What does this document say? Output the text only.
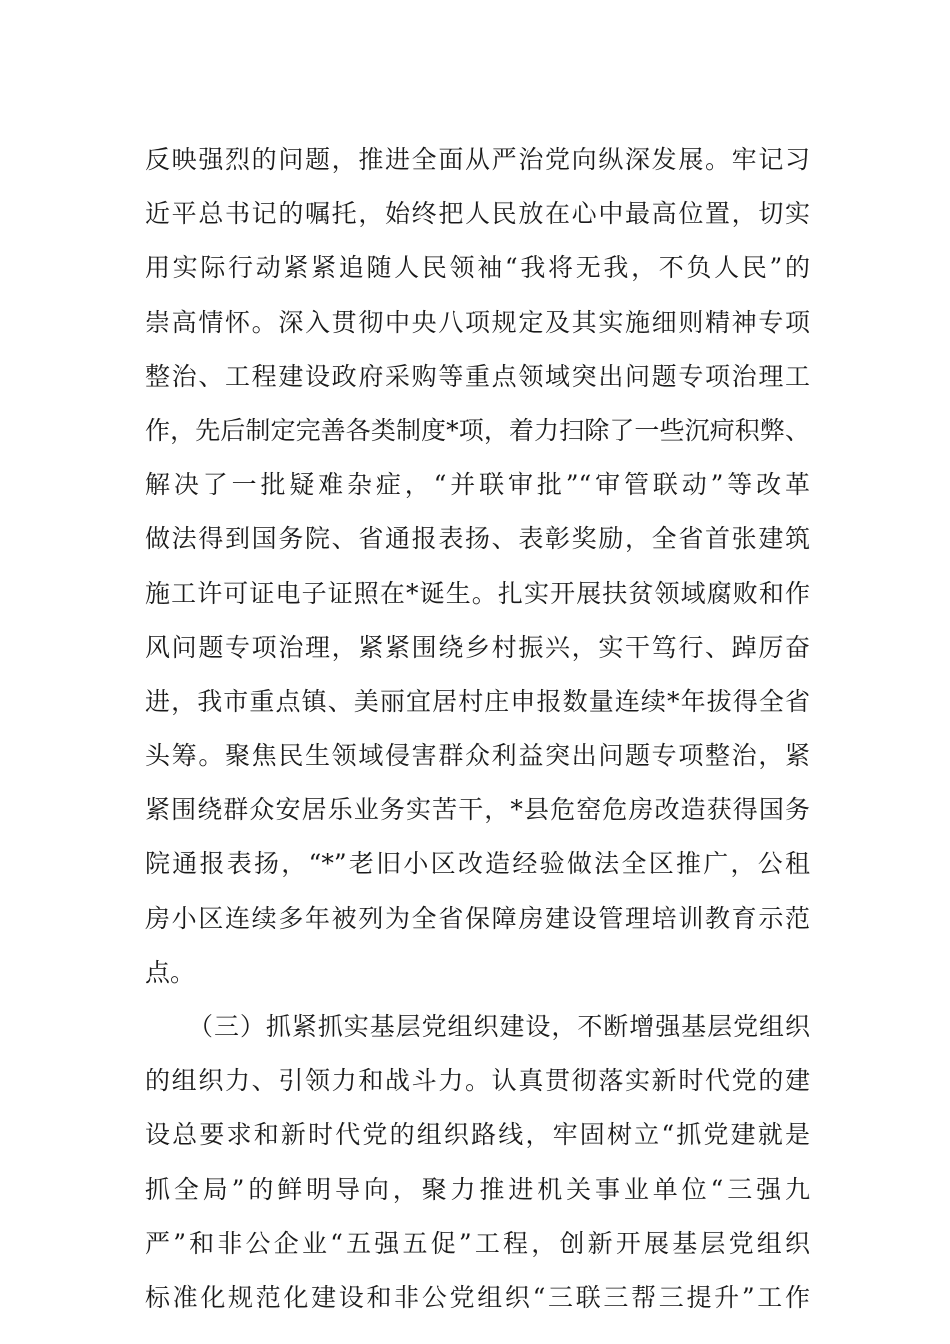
反映强烈的问题，推进全面从严治党向纵深发展。牢记习
近平总书记的嘱托，始终把人民放在心中最高位置，切实
用实际行动紧紧追随人民领袖“我将无我，不负人民”的
崇高情怀。深入贯彻中央八项规定及其实施细则精神专项
整治、工程建设政府采购等重点领域突出问题专项治理工
作，先后制定完善各类制度*项，着力扫除了一些沉疴积弊、
解决了一批疑难杂症，“并联审批”“审管联动”等改革
做法得到国务院、省通报表扬、表彰奖励，全省首张建筑
施工许可证电子证照在*诞生。扎实开展扶贫领域腐败和作
风问题专项治理，紧紧围绕乡村振兴，实干笃行、踔厉奋
进，我市重点镇、美丽宜居村庄申报数量连续*年拔得全省
头筹。聚焦民生领域侵害群众利益突出问题专项整治，紧
紧围绕群众安居乐业务实苦干，*县危窑危房改造获得国务
院通报表扬，“*”老旧小区改造经验做法全区推广，公租
房小区连续多年被列为全省保障房建设管理培训教育示范
点。
（三）抓紧抓实基层党组织建设，不断增强基层党组织
的组织力、引领力和战斗力。认真贯彻落实新时代党的建
设总要求和新时代党的组织路线，牢固树立“抓党建就是
抓全局”的鲜明导向，聚力推进机关事业单位“三强九
严”和非公企业“五强五促”工程，创新开展基层党组织
标准化规范化建设和非公党组织“三联三帮三提升”工作
